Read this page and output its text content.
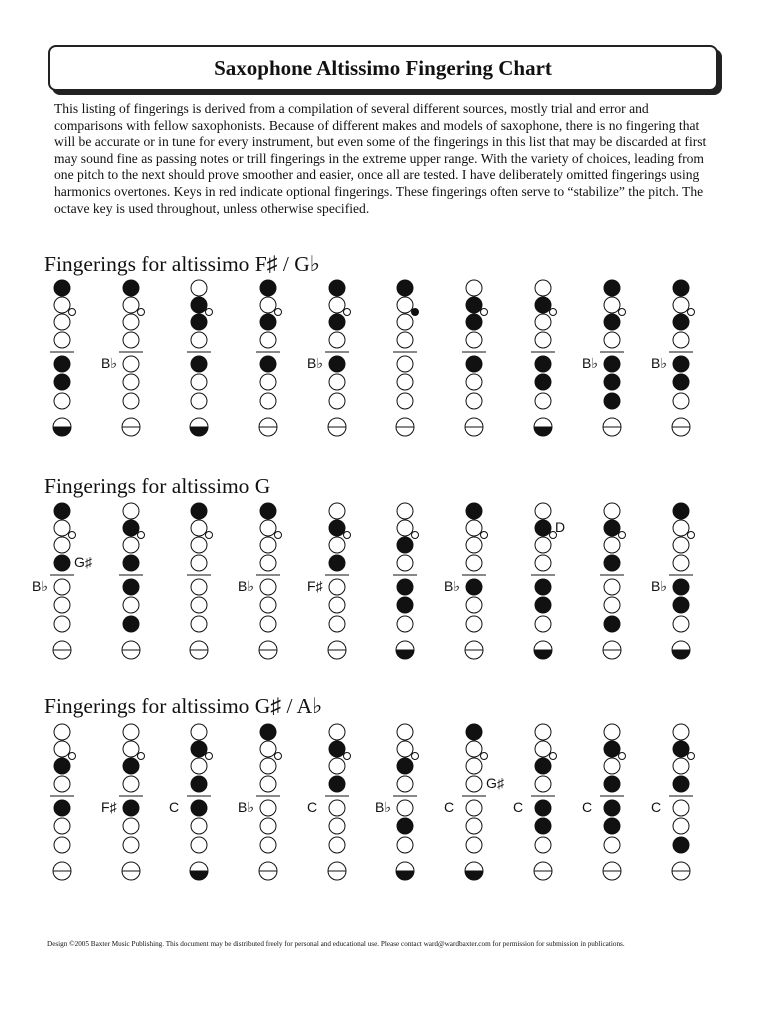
Saxophone Altissimo Fingering Chart
This listing of fingerings is derived from a compilation of several different sources, mostly trial and error and comparisons with fellow saxophonists. Because of different makes and models of saxophone, there is no fingering that will be accurate or in tune for every instrument, but even some of the fingerings in this list that may be discarded at first may sound fine as passing notes or trill fingerings in the extreme upper range. With the variety of choices, leading from one pitch to the next should prove smoother and easier, once all are tested. I have deliberately omitted fingerings using harmonics overtones. Keys in red indicate optional fingerings. These fingerings often serve to “stabilize” the pitch. The octave key is used throughout, unless otherwise specified.
Fingerings for altissimo F♯ / G♭
Fingerings for altissimo G
Fingerings for altissimo G♯ / A♭
B♭	B♭	B♭	B♭
B♭
G♯
B♭	F♯	B♭
D
B♭
F♯	C	B♭	C	B♭	C
G♯
C	C	C
Design ©2005 Baxter Music Publishing. This document may be distributed freely for personal and educational use. Please contact ward@wardbaxter.com for permission for submission in publications.
